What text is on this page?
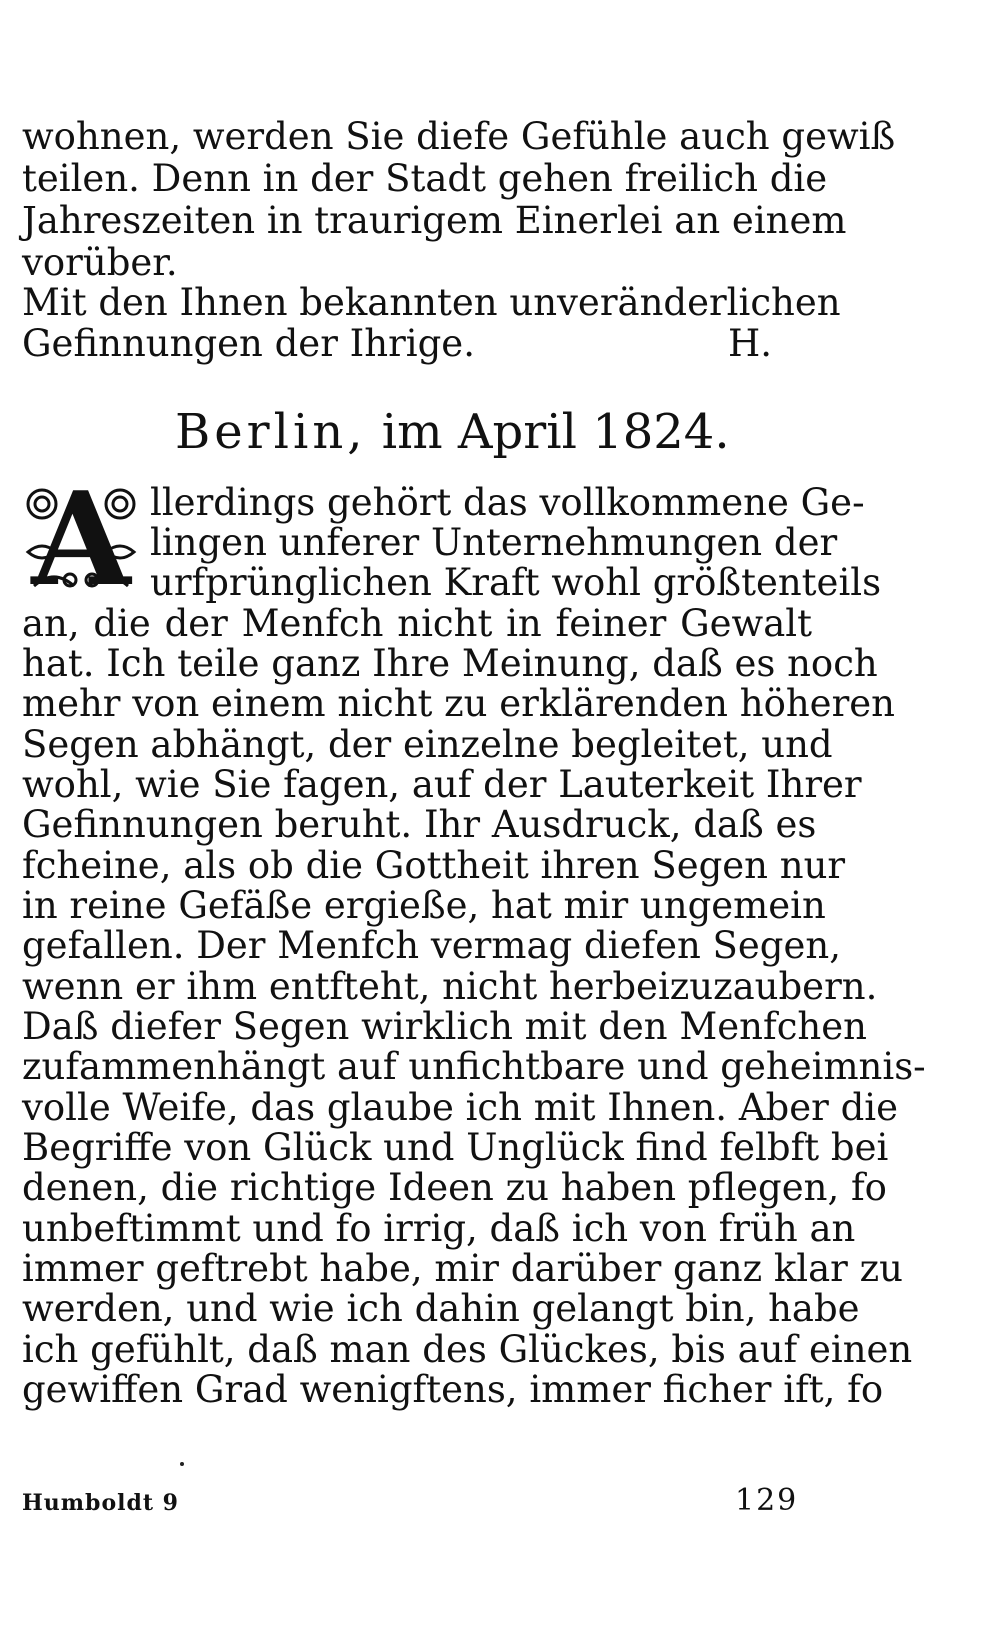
wohnen, werden Sie diefe Gefühle auch gewiß
teilen. Denn in der Stadt gehen freilich die
Jahreszeiten in traurigem Einerlei an einem
vorüber.
Mit den Ihnen bekannten unveränderlichen
Gefinnungen der Ihrige.	H.
Berlin, im April 1824.
A llerdings gehört das vollkommene Ge-
lingen unferer Unternehmungen der
urfprünglichen Kraft wohl größtenteils
an, die der Menfch nicht in feiner Gewalt
hat. Ich teile ganz Ihre Meinung, daß es noch
mehr von einem nicht zu erklärenden höheren
Segen abhängt, der einzelne begleitet, und
wohl, wie Sie fagen, auf der Lauterkeit Ihrer
Gefinnungen beruht. Ihr Ausdruck, daß es
fcheine, als ob die Gottheit ihren Segen nur
in reine Gefäße ergieße, hat mir ungemein
gefallen. Der Menfch vermag diefen Segen,
wenn er ihm entfteht, nicht herbeizuzaubern.
Daß diefer Segen wirklich mit den Menfchen
zufammenhängt auf unfichtbare und geheimnis-
volle Weife, das glaube ich mit Ihnen. Aber die
Begriffe von Glück und Unglück find felbft bei
denen, die richtige Ideen zu haben pflegen, fo
unbeftimmt und fo irrig, daß ich von früh an
immer geftrebt habe, mir darüber ganz klar zu
werden, und wie ich dahin gelangt bin, habe
ich gefühlt, daß man des Glückes, bis auf einen
gewiffen Grad wenigftens, immer ficher ift, fo
Humboldt 9	129
